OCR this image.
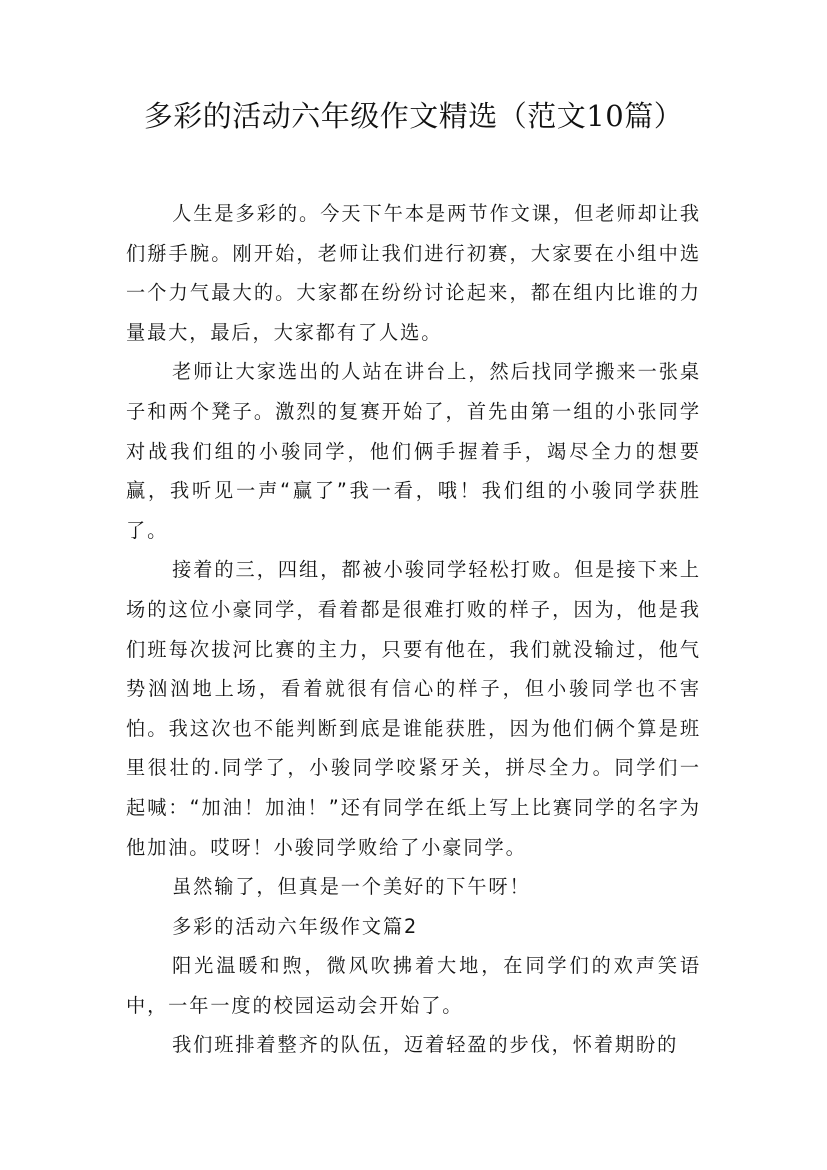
多彩的活动六年级作文精选（范文10篇）

人生是多彩的。今天下午本是两节作文课，但老师却让我们掰手腕。刚开始，老师让我们进行初赛，大家要在小组中选一个力气最大的。大家都在纷纷讨论起来，都在组内比谁的力量最大，最后，大家都有了人选。

老师让大家选出的人站在讲台上，然后找同学搬来一张桌子和两个凳子。激烈的复赛开始了，首先由第一组的小张同学对战我们组的小骏同学，他们俩手握着手，竭尽全力的想要赢，我听见一声“赢了”我一看，哦！我们组的小骏同学获胜了。

接着的三，四组，都被小骏同学轻松打败。但是接下来上场的这位小豪同学，看着都是很难打败的样子，因为，他是我们班每次拔河比赛的主力，只要有他在，我们就没输过，他气势汹汹地上场，看着就很有信心的样子，但小骏同学也不害怕。我这次也不能判断到底是谁能获胜，因为他们俩个算是班里很壮的.同学了，小骏同学咬紧牙关，拼尽全力。同学们一起喊：“加油！加油！”还有同学在纸上写上比赛同学的名字为他加油。哎呀！小骏同学败给了小豪同学。

虽然输了，但真是一个美好的下午呀！

多彩的活动六年级作文篇2

阳光温暖和煦，微风吹拂着大地，在同学们的欢声笑语中，一年一度的校园运动会开始了。

我们班排着整齐的队伍，迈着轻盈的步伐，怀着期盼的
